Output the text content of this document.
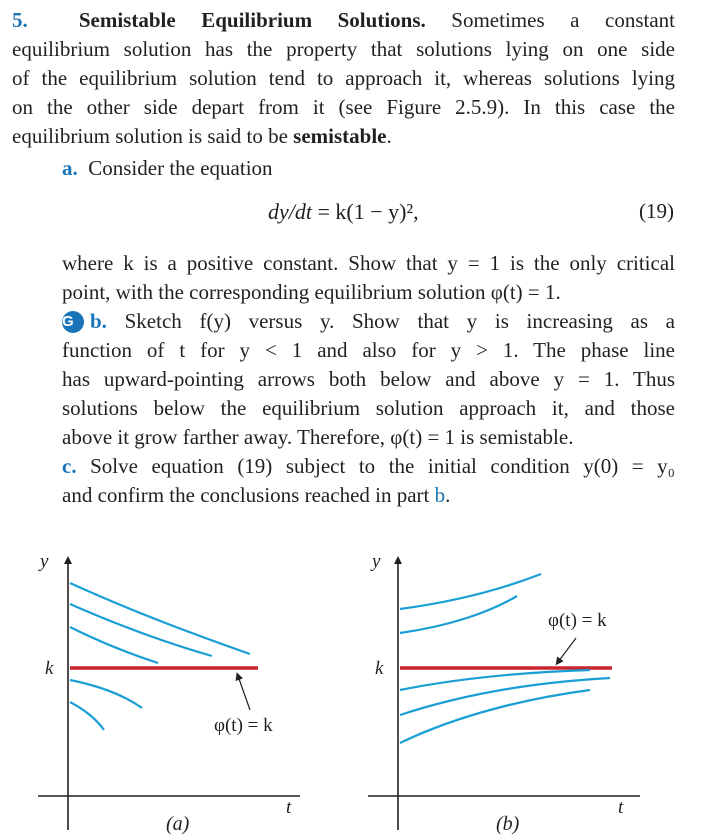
5. Semistable Equilibrium Solutions. Sometimes a constant
equilibrium solution has the property that solutions lying on one side
of the equilibrium solution tend to approach it, whereas solutions lying
on the other side depart from it (see Figure 2.5.9). In this case the
equilibrium solution is said to be semistable.
a. Consider the equation
dy/dt = k(1 − y)²,	(19)
where k is a positive constant. Show that y = 1 is the only critical
point, with the corresponding equilibrium solution φ(t) = 1.
G b. Sketch f(y) versus y. Show that y is increasing as a
function of t for y < 1 and also for y > 1. The phase line
has upward-pointing arrows both below and above y = 1. Thus
solutions below the equilibrium solution approach it, and those
above it grow farther away. Therefore, φ(t) = 1 is semistable.
c. Solve equation (19) subject to the initial condition y(0) = y₀
and confirm the conclusions reached in part b.
y
t
k
φ(t) = k
(a)
y
t
k
φ(t) = k
(b)
